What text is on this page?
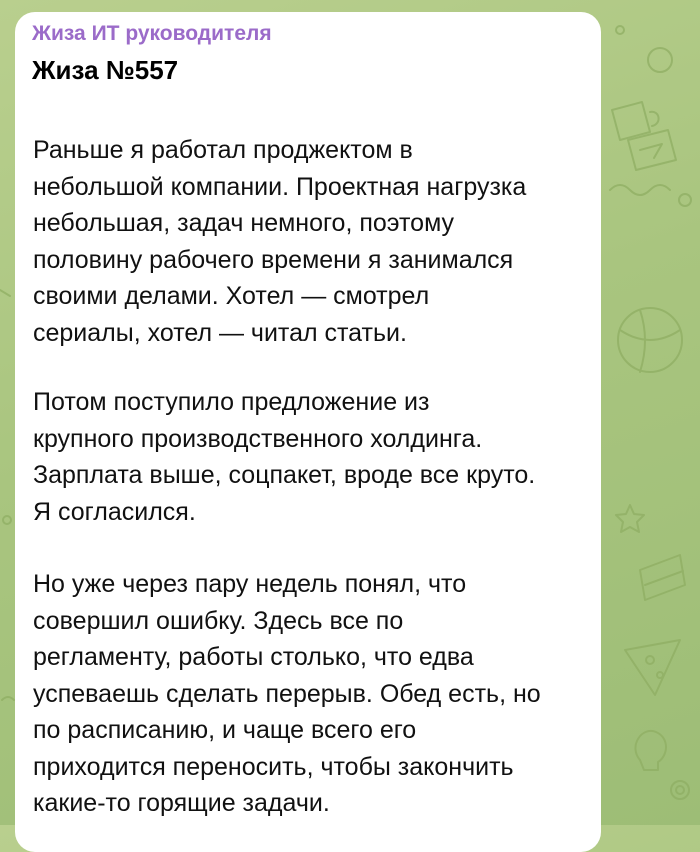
Жиза ИТ руководителя
Жиза №557
Раньше я работал проджектом в
небольшой компании. Проектная нагрузка
небольшая, задач немного, поэтому
половину рабочего времени я занимался
своими делами. Хотел — смотрел
сериалы, хотел — читал статьи.
Потом поступило предложение из
крупного производственного холдинга.
Зарплата выше, соцпакет, вроде все круто.
Я согласился.
Но уже через пару недель понял, что
совершил ошибку. Здесь все по
регламенту, работы столько, что едва
успеваешь сделать перерыв. Обед есть, но
по расписанию, и чаще всего его
приходится переносить, чтобы закончить
какие-то горящие задачи.
